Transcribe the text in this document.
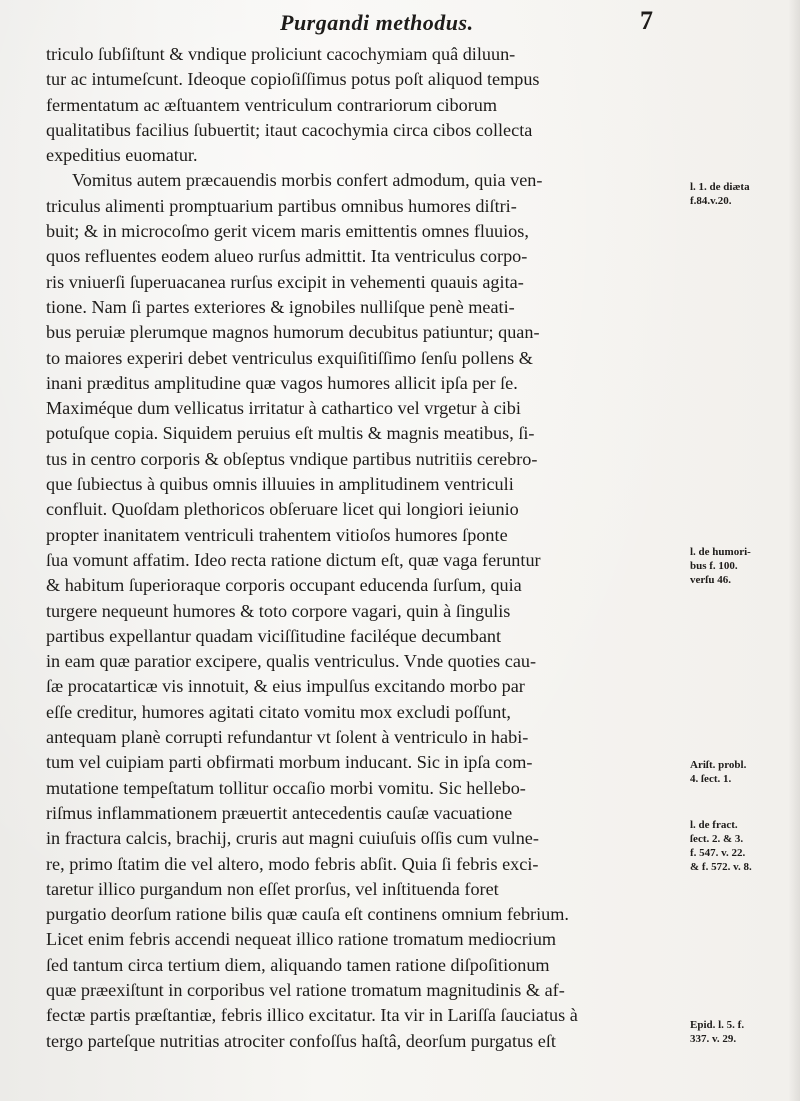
Purgandi methodus.	7
triculo ſubſiſtunt & vndique proliciunt cacochymiam quâ diluun-
tur ac intumeſcunt. Ideoque copioſiſſimus potus poſt aliquod tempus
fermentatum ac æſtuantem ventriculum contrariorum ciborum
qualitatibus facilius ſubuertit; itaut cacochymia circa cibos collecta
expeditius euomatur.
Vomitus autem præcauendis morbis confert admodum, quia ven-
triculus alimenti promptuarium partibus omnibus humores diſtri-
buit; & in microcoſmo gerit vicem maris emittentis omnes fluuios,
quos refluentes eodem alueo rurſus admittit. Ita ventriculus corpo-
ris vniuerſi ſuperuacanea rurſus excipit in vehementi quauis agita-
tione. Nam ſi partes exteriores & ignobiles nulliſque penè meati-
bus peruiæ plerumque magnos humorum decubitus patiuntur; quan-
to maiores experiri debet ventriculus exquiſitiſſimo ſenſu pollens &
inani præditus amplitudine quæ vagos humores allicit ipſa per ſe.
Maximéque dum vellicatus irritatur à cathartico vel vrgetur à cibi
potuſque copia. Siquidem peruius eſt multis & magnis meatibus, ſi-
tus in centro corporis & obſeptus vndique partibus nutritiis cerebro-
que ſubiectus à quibus omnis illuuies in amplitudinem ventriculi
confluit. Quoſdam plethoricos obſeruare licet qui longiori ieiunio
propter inanitatem ventriculi trahentem vitioſos humores ſponte
ſua vomunt affatim. Ideo recta ratione dictum eſt, quæ vaga feruntur
& habitum ſuperioraque corporis occupant educenda ſurſum, quia
turgere nequeunt humores & toto corpore vagari, quin à ſingulis
partibus expellantur quadam viciſſitudine faciléque decumbant
in eam quæ paratior excipere, qualis ventriculus. Vnde quoties cau-
ſæ procatarticæ vis innotuit, & eius impulſus excitando morbo par
eſſe creditur, humores agitati citato vomitu mox excludi poſſunt,
antequam planè corrupti refundantur vt ſolent à ventriculo in habi-
tum vel cuipiam parti obfirmati morbum inducant. Sic in ipſa com-
mutatione tempeſtatum tollitur occaſio morbi vomitu. Sic hellebo-
riſmus inflammationem præuertit antecedentis cauſæ vacuatione
in fractura calcis, brachij, cruris aut magni cuiuſuis oſſis cum vulne-
re, primo ſtatim die vel altero, modo febris abſit. Quia ſi febris exci-
taretur illico purgandum non eſſet prorſus, vel inſtituenda foret
purgatio deorſum ratione bilis quæ cauſa eſt continens omnium febrium.
Licet enim febris accendi nequeat illico ratione tromatum mediocrium
ſed tantum circa tertium diem, aliquando tamen ratione diſpoſitionum
quæ præexiſtunt in corporibus vel ratione tromatum magnitudinis & af-
fectæ partis præſtantiæ, febris illico excitatur. Ita vir in Lariſſa ſauciatus à
tergo parteſque nutritias atrociter confoſſus haſtâ, deorſum purgatus eſt
l. 1. de diæta
f.84.v.20.
l. de humori-
bus f. 100.
verſu 46.
Ariſt. probl.
4. ſect. 1.
l. de fract.
ſect. 2. & 3.
f. 547. v. 22.
& f. 572. v. 8.
Epid. l. 5. f.
337. v. 29.
